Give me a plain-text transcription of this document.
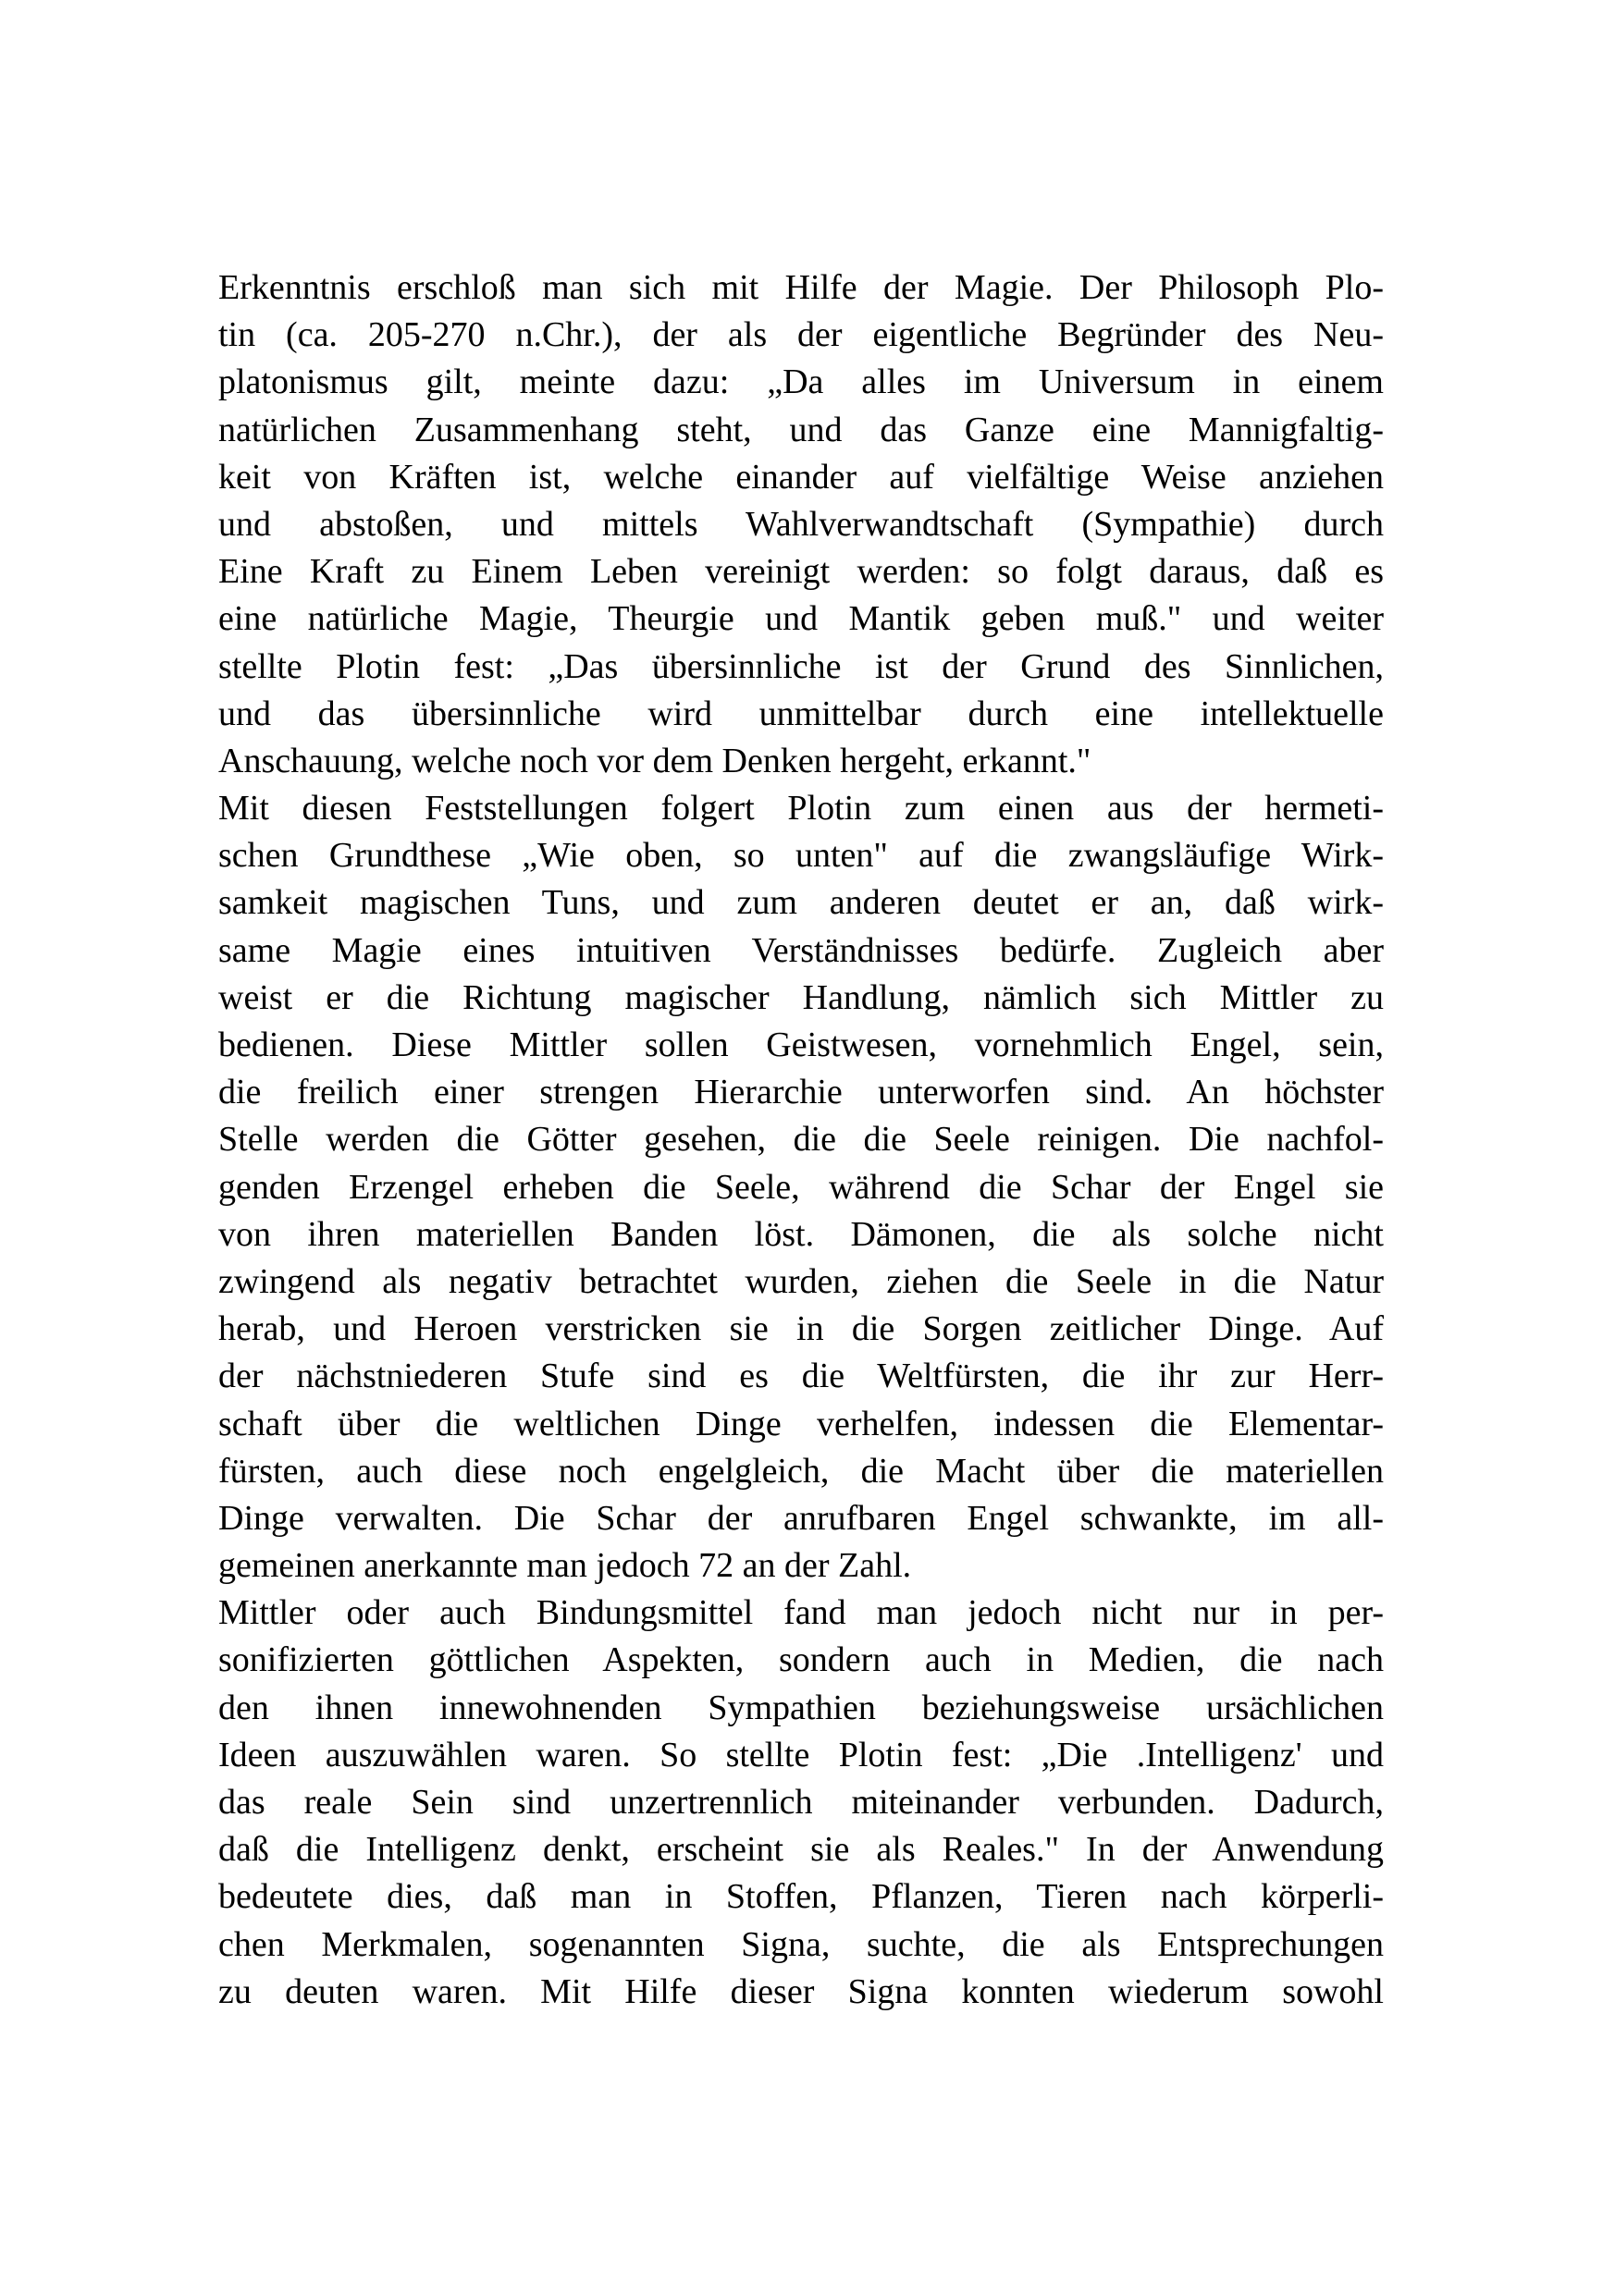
Erkenntnis erschloß man sich mit Hilfe der Magie. Der Philosoph Plo-
tin (ca. 205-270 n.Chr.), der als der eigentliche Begründer des Neu-
platonismus gilt, meinte dazu: „Da alles im Universum in einem
natürlichen Zusammenhang steht, und das Ganze eine Mannigfaltig-
keit von Kräften ist, welche einander auf vielfältige Weise anziehen
und abstoßen, und mittels Wahlverwandtschaft (Sympathie) durch
Eine Kraft zu Einem Leben vereinigt werden: so folgt daraus, daß es
eine natürliche Magie, Theurgie und Mantik geben muß." und weiter
stellte Plotin fest: „Das übersinnliche ist der Grund des Sinnlichen,
und das übersinnliche wird unmittelbar durch eine intellektuelle
Anschauung, welche noch vor dem Denken hergeht, erkannt."
Mit diesen Feststellungen folgert Plotin zum einen aus der hermeti-
schen Grundthese „Wie oben, so unten" auf die zwangsläufige Wirk-
samkeit magischen Tuns, und zum anderen deutet er an, daß wirk-
same Magie eines intuitiven Verständnisses bedürfe. Zugleich aber
weist er die Richtung magischer Handlung, nämlich sich Mittler zu
bedienen. Diese Mittler sollen Geistwesen, vornehmlich Engel, sein,
die freilich einer strengen Hierarchie unterworfen sind. An höchster
Stelle werden die Götter gesehen, die die Seele reinigen. Die nachfol-
genden Erzengel erheben die Seele, während die Schar der Engel sie
von ihren materiellen Banden löst. Dämonen, die als solche nicht
zwingend als negativ betrachtet wurden, ziehen die Seele in die Natur
herab, und Heroen verstricken sie in die Sorgen zeitlicher Dinge. Auf
der nächstniederen Stufe sind es die Weltfürsten, die ihr zur Herr-
schaft über die weltlichen Dinge verhelfen, indessen die Elementar-
fürsten, auch diese noch engelgleich, die Macht über die materiellen
Dinge verwalten. Die Schar der anrufbaren Engel schwankte, im all-
gemeinen anerkannte man jedoch 72 an der Zahl.
Mittler oder auch Bindungsmittel fand man jedoch nicht nur in per-
sonifizierten göttlichen Aspekten, sondern auch in Medien, die nach
den ihnen innewohnenden Sympathien beziehungsweise ursächlichen
Ideen auszuwählen waren. So stellte Plotin fest: „Die .Intelligenz' und
das reale Sein sind unzertrennlich miteinander verbunden. Dadurch,
daß die Intelligenz denkt, erscheint sie als Reales." In der Anwendung
bedeutete dies, daß man in Stoffen, Pflanzen, Tieren nach körperli-
chen Merkmalen, sogenannten Signa, suchte, die als Entsprechungen
zu deuten waren. Mit Hilfe dieser Signa konnten wiederum sowohl
